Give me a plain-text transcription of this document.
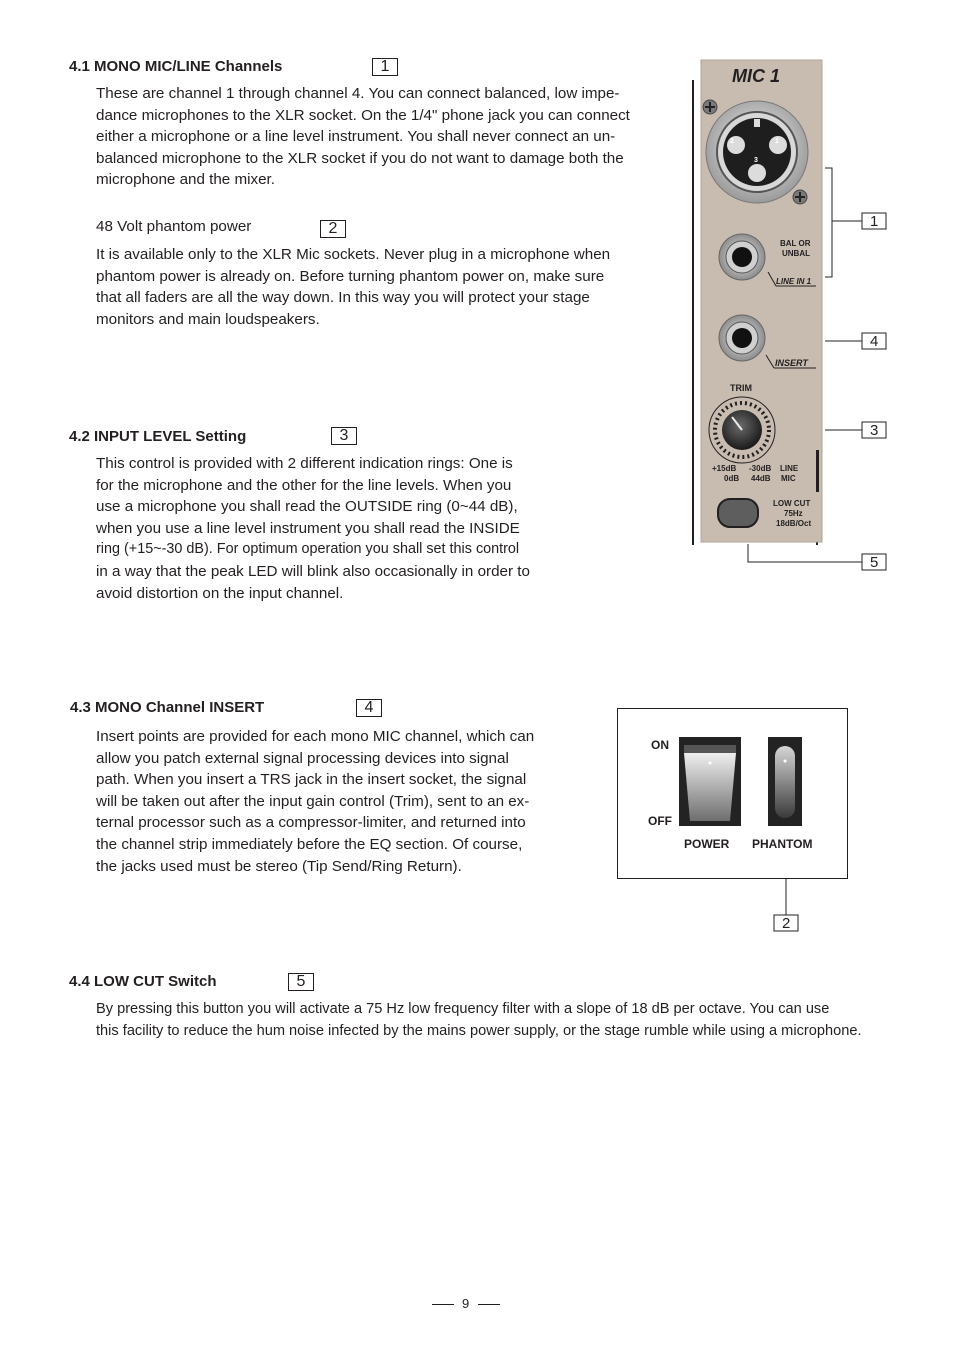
4.1 MONO MIC/LINE Channels	1

These are channel 1 through channel 4. You can connect balanced, low impe-

dance microphones to the XLR socket. On the 1/4" phone jack you can connect

either a microphone or a line level instrument. You shall never connect an un-

balanced microphone to the XLR socket if you do not want to damage both the

microphone and the mixer.

48 Volt phantom power	2

It is available only to the XLR Mic sockets. Never plug in a microphone when

phantom power is already on. Before turning phantom power on, make sure

that all faders are all the way down. In this way you will protect your stage

monitors and main loudspeakers.

4.2 INPUT LEVEL Setting	3

This control is provided with 2 different indication rings: One is

for the microphone and the other for the line levels. When you

use a microphone you shall read the OUTSIDE ring (0~44 dB),

when you use a line level instrument you shall read the INSIDE

ring (+15~-30 dB). For optimum operation you shall set this control

in a way that the peak LED will blink also occasionally in order to

avoid distortion on the input channel.

4.3 MONO Channel INSERT	4

Insert points are provided for each mono MIC channel, which can

allow you patch external signal processing devices into signal

path. When you insert a TRS jack in the insert socket, the signal

will be taken out after the input gain control (Trim), sent to an ex-

ternal processor such as a compressor-limiter, and returned into

the channel strip immediately before the EQ section. Of course,

the jacks used must be stereo (Tip Send/Ring Return).

4.4 LOW CUT Switch	5

By pressing this button you will activate a 75 Hz low frequency filter with a slope of 18 dB per octave. You can use

this facility to reduce the hum noise infected by the mains power supply, or the stage rumble while using a microphone.

MIC 1
2	1
3
BAL OR
UNBAL
LINE IN 1
INSERT
TRIM
+15dB
0dB
-30dB
44dB
LINE
MIC
LOW CUT
75Hz
18dB/Oct
1
4
3
5
ON
OFF
POWER PHANTOM
2
9
